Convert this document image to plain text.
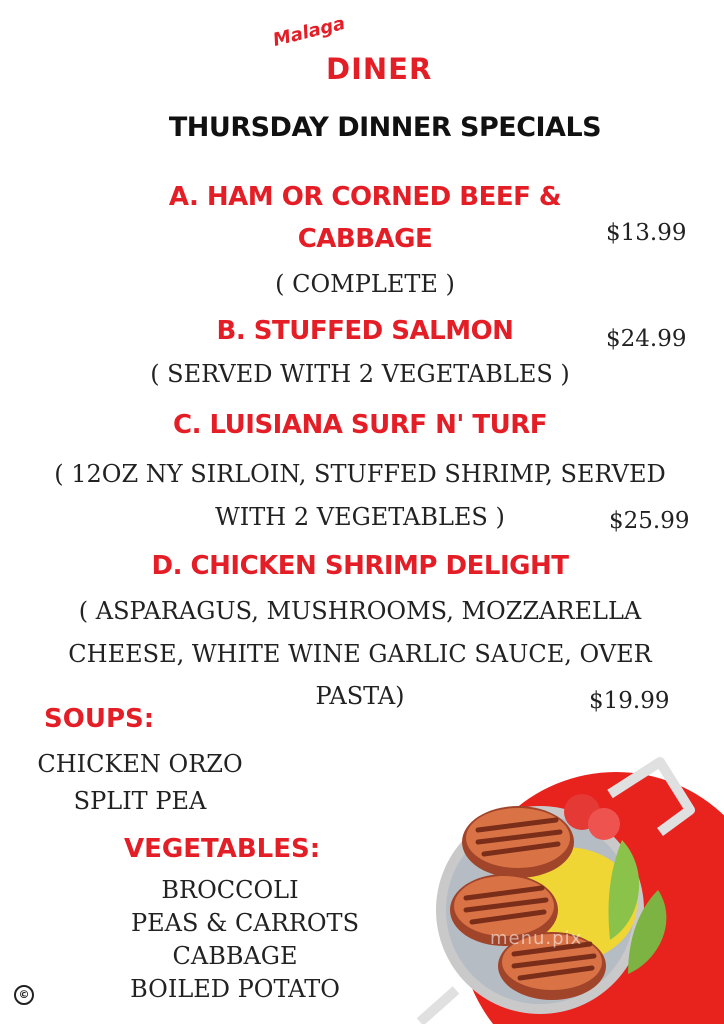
Malaga
DINER
THURSDAY DINNER SPECIALS
A. HAM OR CORNED BEEF &
CABBAGE	$13.99
( COMPLETE )
B. STUFFED SALMON	$24.99
( SERVED WITH 2 VEGETABLES )
C. LUISIANA SURF N' TURF
( 12OZ NY SIRLOIN, STUFFED SHRIMP, SERVED
WITH 2 VEGETABLES )	$25.99
D. CHICKEN SHRIMP DELIGHT
( ASPARAGUS, MUSHROOMS, MOZZARELLA
CHEESE, WHITE WINE GARLIC SAUCE, OVER
PASTA)	$19.99
SOUPS:
CHICKEN ORZO
SPLIT PEA
VEGETABLES:
BROCCOLI
PEAS & CARROTS
CABBAGE
BOILED POTATO
©
menu.pix
